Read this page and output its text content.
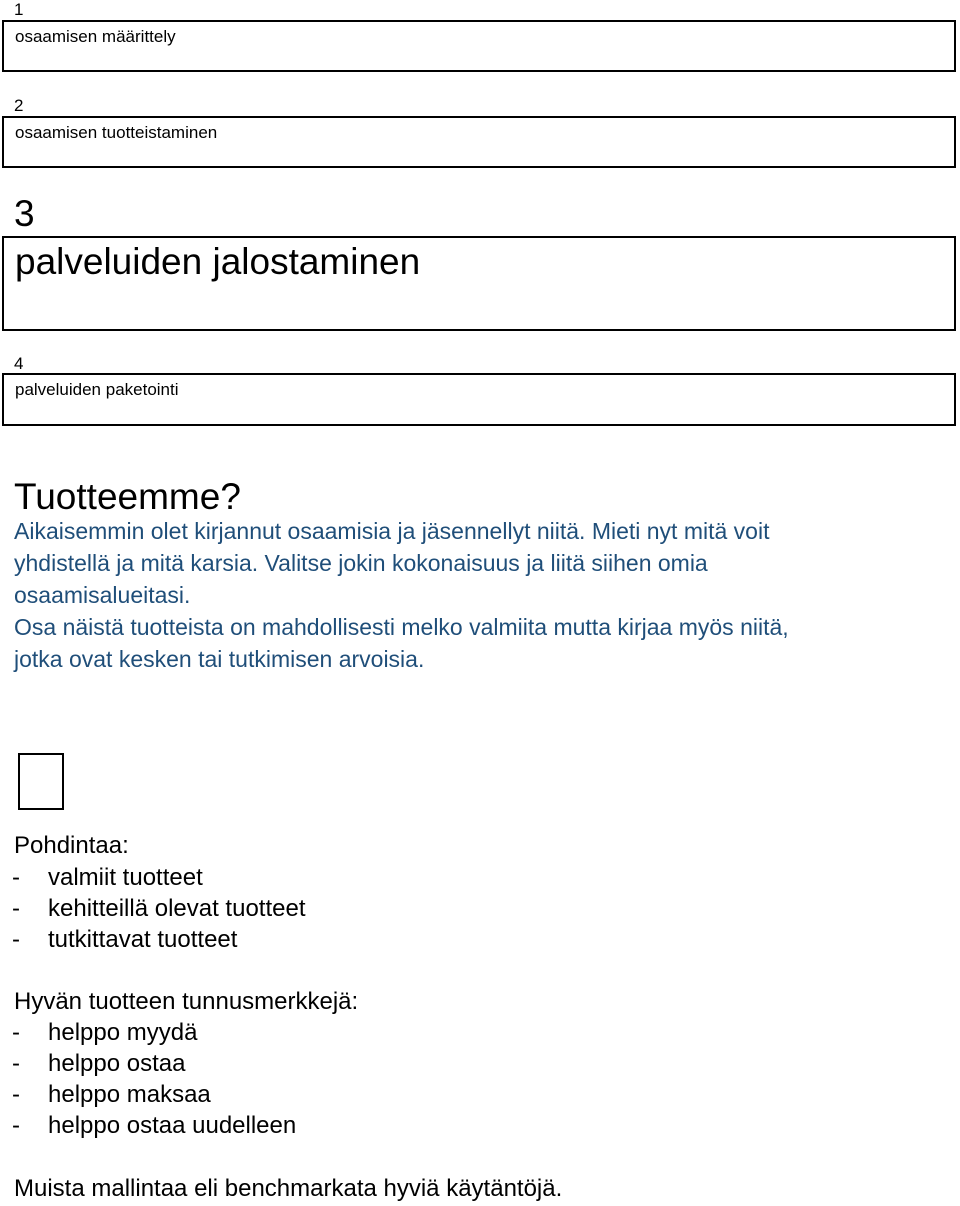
1
osaamisen määrittely
2
osaamisen tuotteistaminen
3
palveluiden jalostaminen
4
palveluiden paketointi
Tuotteemme?
Aikaisemmin olet kirjannut osaamisia ja jäsennellyt niitä. Mieti nyt mitä voit
yhdistellä ja mitä karsia. Valitse jokin kokonaisuus ja liitä siihen omia
osaamisalueitasi.
Osa näistä tuotteista on mahdollisesti melko valmiita mutta kirjaa myös niitä,
jotka ovat kesken tai tutkimisen arvoisia.
Pohdintaa:
- valmiit tuotteet
- kehitteillä olevat tuotteet
- tutkittavat tuotteet
Hyvän tuotteen tunnusmerkkejä:
- helppo myydä
- helppo ostaa
- helppo maksaa
- helppo ostaa uudelleen
Muista mallintaa eli benchmarkata hyviä käytäntöjä.
